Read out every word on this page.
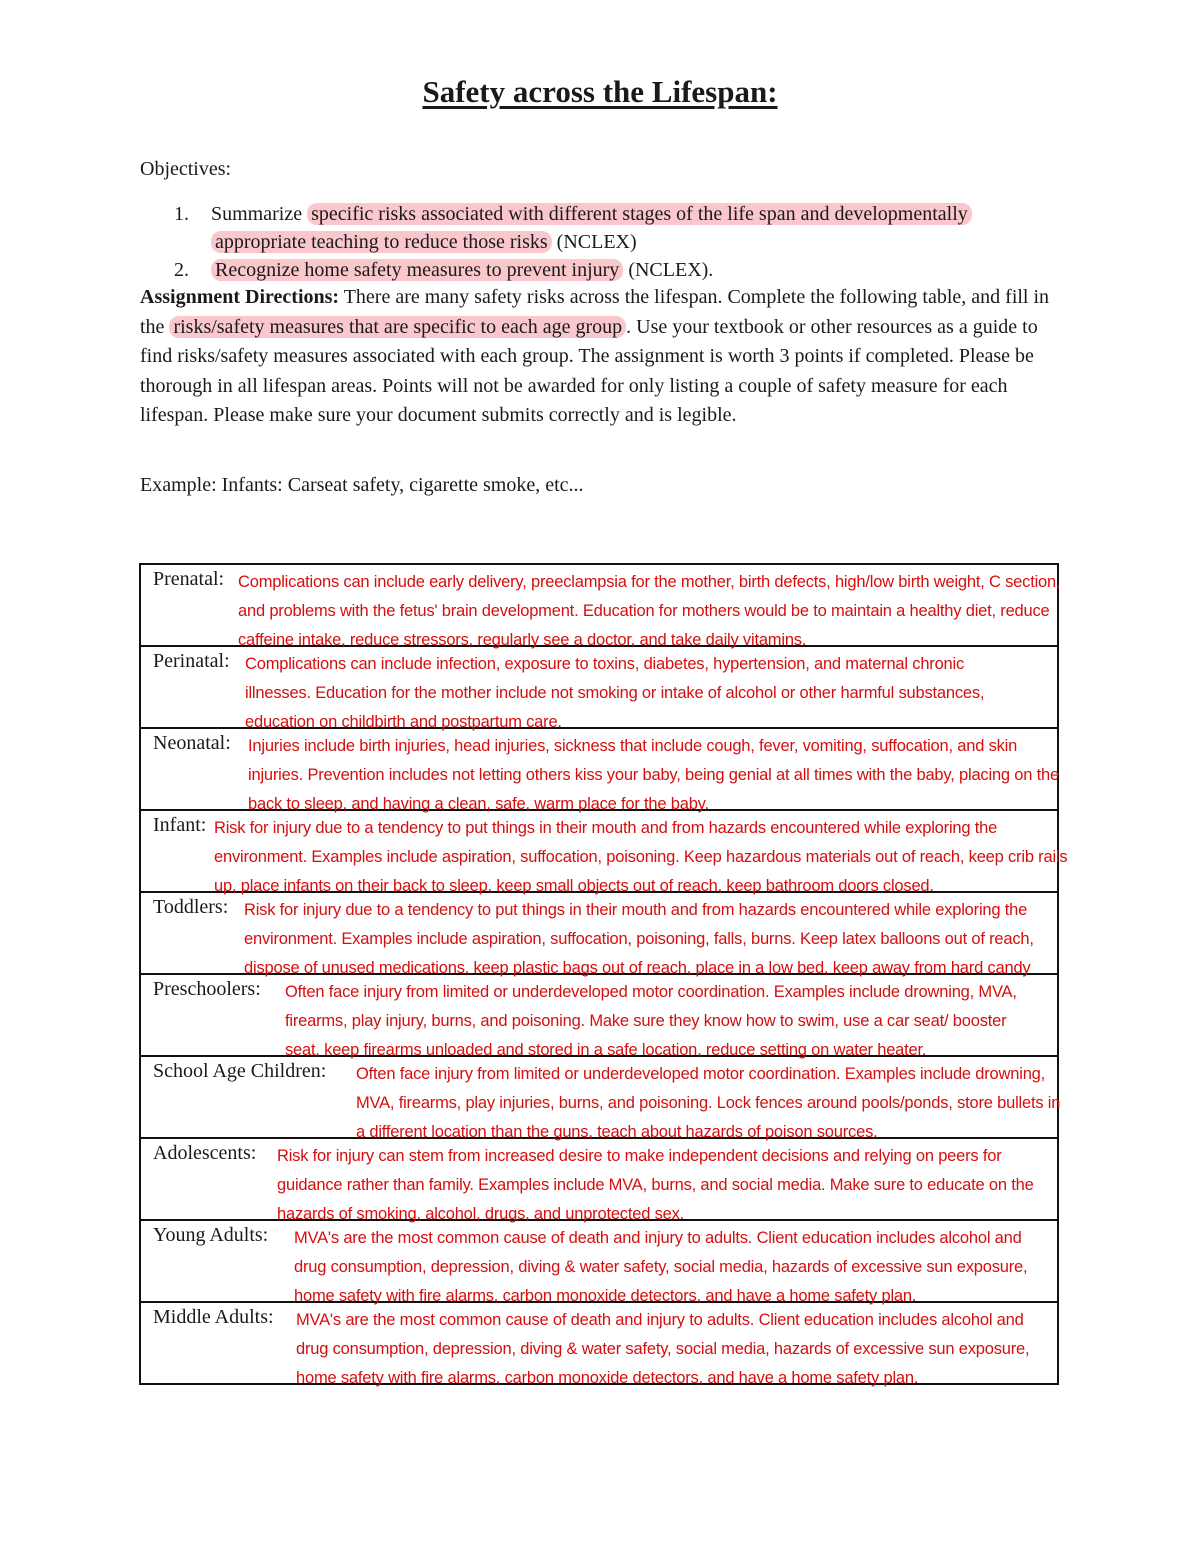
Safety across the Lifespan:
Objectives:
1. Summarize specific risks associated with different stages of the life span and developmentally appropriate teaching to reduce those risks (NCLEX)
2. Recognize home safety measures to prevent injury (NCLEX).
Assignment Directions: There are many safety risks across the lifespan. Complete the following table, and fill in the risks/safety measures that are specific to each age group . Use your textbook or other resources as a guide to find risks/safety measures associated with each group. The assignment is worth 3 points if completed. Please be thorough in all lifespan areas. Points will not be awarded for only listing a couple of safety measure for each lifespan. Please make sure your document submits correctly and is legible.
Example: Infants: Carseat safety, cigarette smoke, etc...
Prenatal: Complications can include early delivery, preeclampsia for the mother, birth defects, high/low birth weight, C section, and problems with the fetus' brain development. Education for mothers would be to maintain a healthy diet, reduce caffeine intake, reduce stressors, regularly see a doctor, and take daily vitamins.
Perinatal: Complications can include infection, exposure to toxins, diabetes, hypertension, and maternal chronic illnesses. Education for the mother include not smoking or intake of alcohol or other harmful substances, education on childbirth and postpartum care.
Neonatal: Injuries include birth injuries, head injuries, sickness that include cough, fever, vomiting, suffocation, and skin injuries. Prevention includes not letting others kiss your baby, being genial at all times with the baby, placing on the back to sleep, and having a clean, safe, warm place for the baby.
Infant: Risk for injury due to a tendency to put things in their mouth and from hazards encountered while exploring the environment. Examples include aspiration, suffocation, poisoning. Keep hazardous materials out of reach, keep crib rails up, place infants on their back to sleep, keep small objects out of reach, keep bathroom doors closed.
Toddlers: Risk for injury due to a tendency to put things in their mouth and from hazards encountered while exploring the environment. Examples include aspiration, suffocation, poisoning, falls, burns. Keep latex balloons out of reach, dispose of unused medications, keep plastic bags out of reach, place in a low bed, keep away from hard candy
Preschoolers: Often face injury from limited or underdeveloped motor coordination. Examples include drowning, MVA, firearms, play injury, burns, and poisoning. Make sure they know how to swim, use a car seat/ booster seat, keep firearms unloaded and stored in a safe location, reduce setting on water heater.
School Age Children: Often face injury from limited or underdeveloped motor coordination. Examples include drowning, MVA, firearms, play injuries, burns, and poisoning. Lock fences around pools/ponds, store bullets in a different location than the guns, teach about hazards of poison sources.
Adolescents: Risk for injury can stem from increased desire to make independent decisions and relying on peers for guidance rather than family. Examples include MVA, burns, and social media. Make sure to educate on the hazards of smoking, alcohol, drugs, and unprotected sex.
Young Adults: MVA's are the most common cause of death and injury to adults. Client education includes alcohol and drug consumption, depression, diving & water safety, social media, hazards of excessive sun exposure, home safety with fire alarms, carbon monoxide detectors, and have a home safety plan.
Middle Adults: MVA's are the most common cause of death and injury to adults. Client education includes alcohol and drug consumption, depression, diving & water safety, social media, hazards of excessive sun exposure, home safety with fire alarms, carbon monoxide detectors, and have a home safety plan.
